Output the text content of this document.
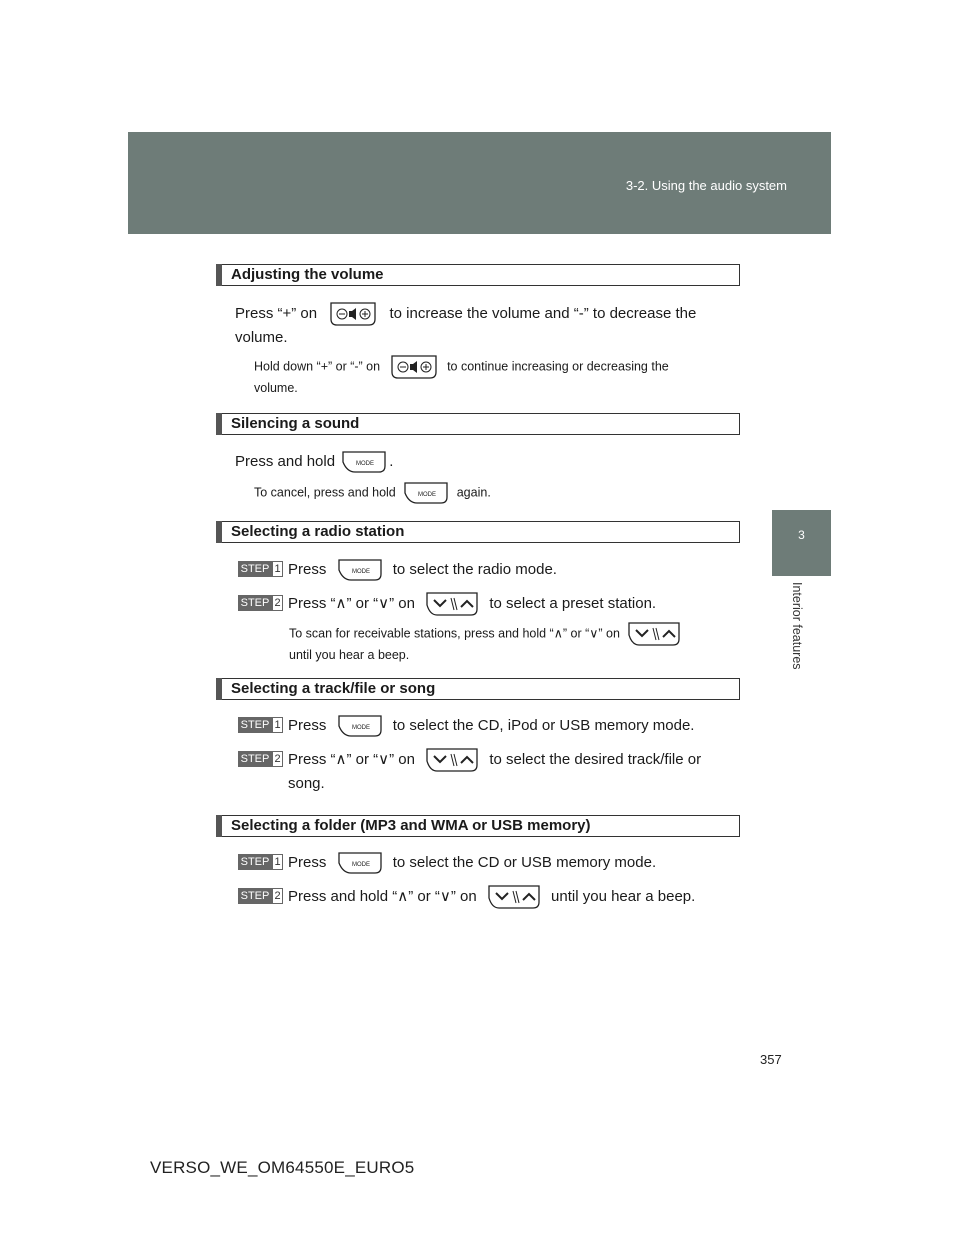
3-2. Using the audio system
3
Interior features
Adjusting the volume
Press “+” on	to increase the volume and “-” to decrease the
volume.
Hold down “+” or “-” on	to continue increasing or decreasing the
volume.
Silencing a sound
Press and hold	.
To cancel, press and hold	again.
Selecting a radio station
STEP 1 Press	to select the radio mode.
STEP 2 Press “∧” or “∨” on	to select a preset station.
To scan for receivable stations, press and hold “∧” or “∨” on
until you hear a beep.
Selecting a track/file or song
STEP 1 Press	to select the CD, iPod or USB memory mode.
STEP 2 Press “∧” or “∨” on	to select the desired track/file or
song.
Selecting a folder (MP3 and WMA or USB memory)
STEP 1 Press	to select the CD or USB memory mode.
STEP 2 Press and hold “∧” or “∨” on	until you hear a beep.
357
VERSO_WE_OM64550E_EURO5
